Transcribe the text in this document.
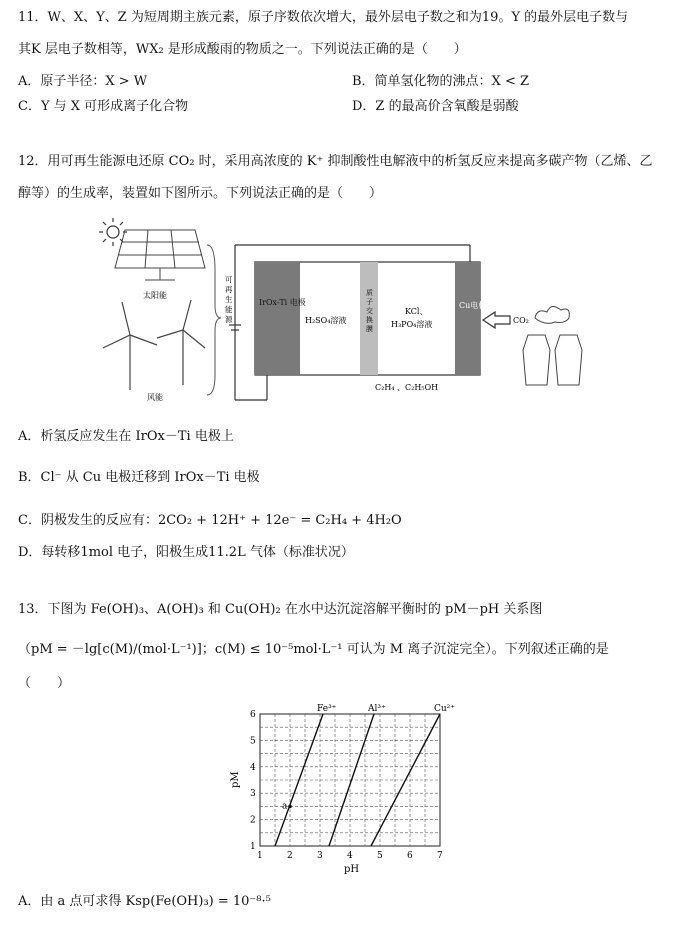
11．W、X、Y、Z 为短周期主族元素，原子序数依次增大，最外层电子数之和为19。Y 的最外层电子数与
其K 层电子数相等，WX₂ 是形成酸雨的物质之一。下列说法正确的是（　　）
A．原子半径：X > W	B．简单氢化物的沸点：X < Z
C．Y 与 X 可形成离子化合物	D．Z 的最高价含氧酸是弱酸
12．用可再生能源电还原 CO₂ 时，采用高浓度的 K⁺ 抑制酸性电解液中的析氢反应来提高多碳产物（乙烯、乙
醇等）的生成率，装置如下图所示。下列说法正确的是（　　）
太阳能
风能
可再生能源
IrOx-Ti 电极
H₂SO₄溶液
质子交换膜
KCl、
H₃PO₄溶液
Cu电极
C₂H₄ 、C₂H₅OH
CO₂
A．析氢反应发生在 IrOx－Ti 电极上
B．Cl⁻ 从 Cu 电极迁移到 IrOx－Ti 电极
C．阴极发生的反应有：2CO₂ + 12H⁺ + 12e⁻ = C₂H₄ + 4H₂O
D．每转移1mol 电子，阳极生成11.2L 气体（标准状况）
13．下图为 Fe(OH)₃、A(OH)₃ 和 Cu(OH)₂ 在水中达沉淀溶解平衡时的 pM－pH 关系图
（pM = －lg[c(M)/(mol·L⁻¹)]；c(M) ≤ 10⁻⁵mol·L⁻¹ 可认为 M 离子沉淀完全）。下列叙述正确的是
（　　）
1	2	3	4	5	6	7
1
2
3
4
5
6
Fe³⁺	Al³⁺	Cu²⁺
a
pM
pH
A．由 a 点可求得 Ksp(Fe(OH)₃) = 10⁻⁸·⁵
